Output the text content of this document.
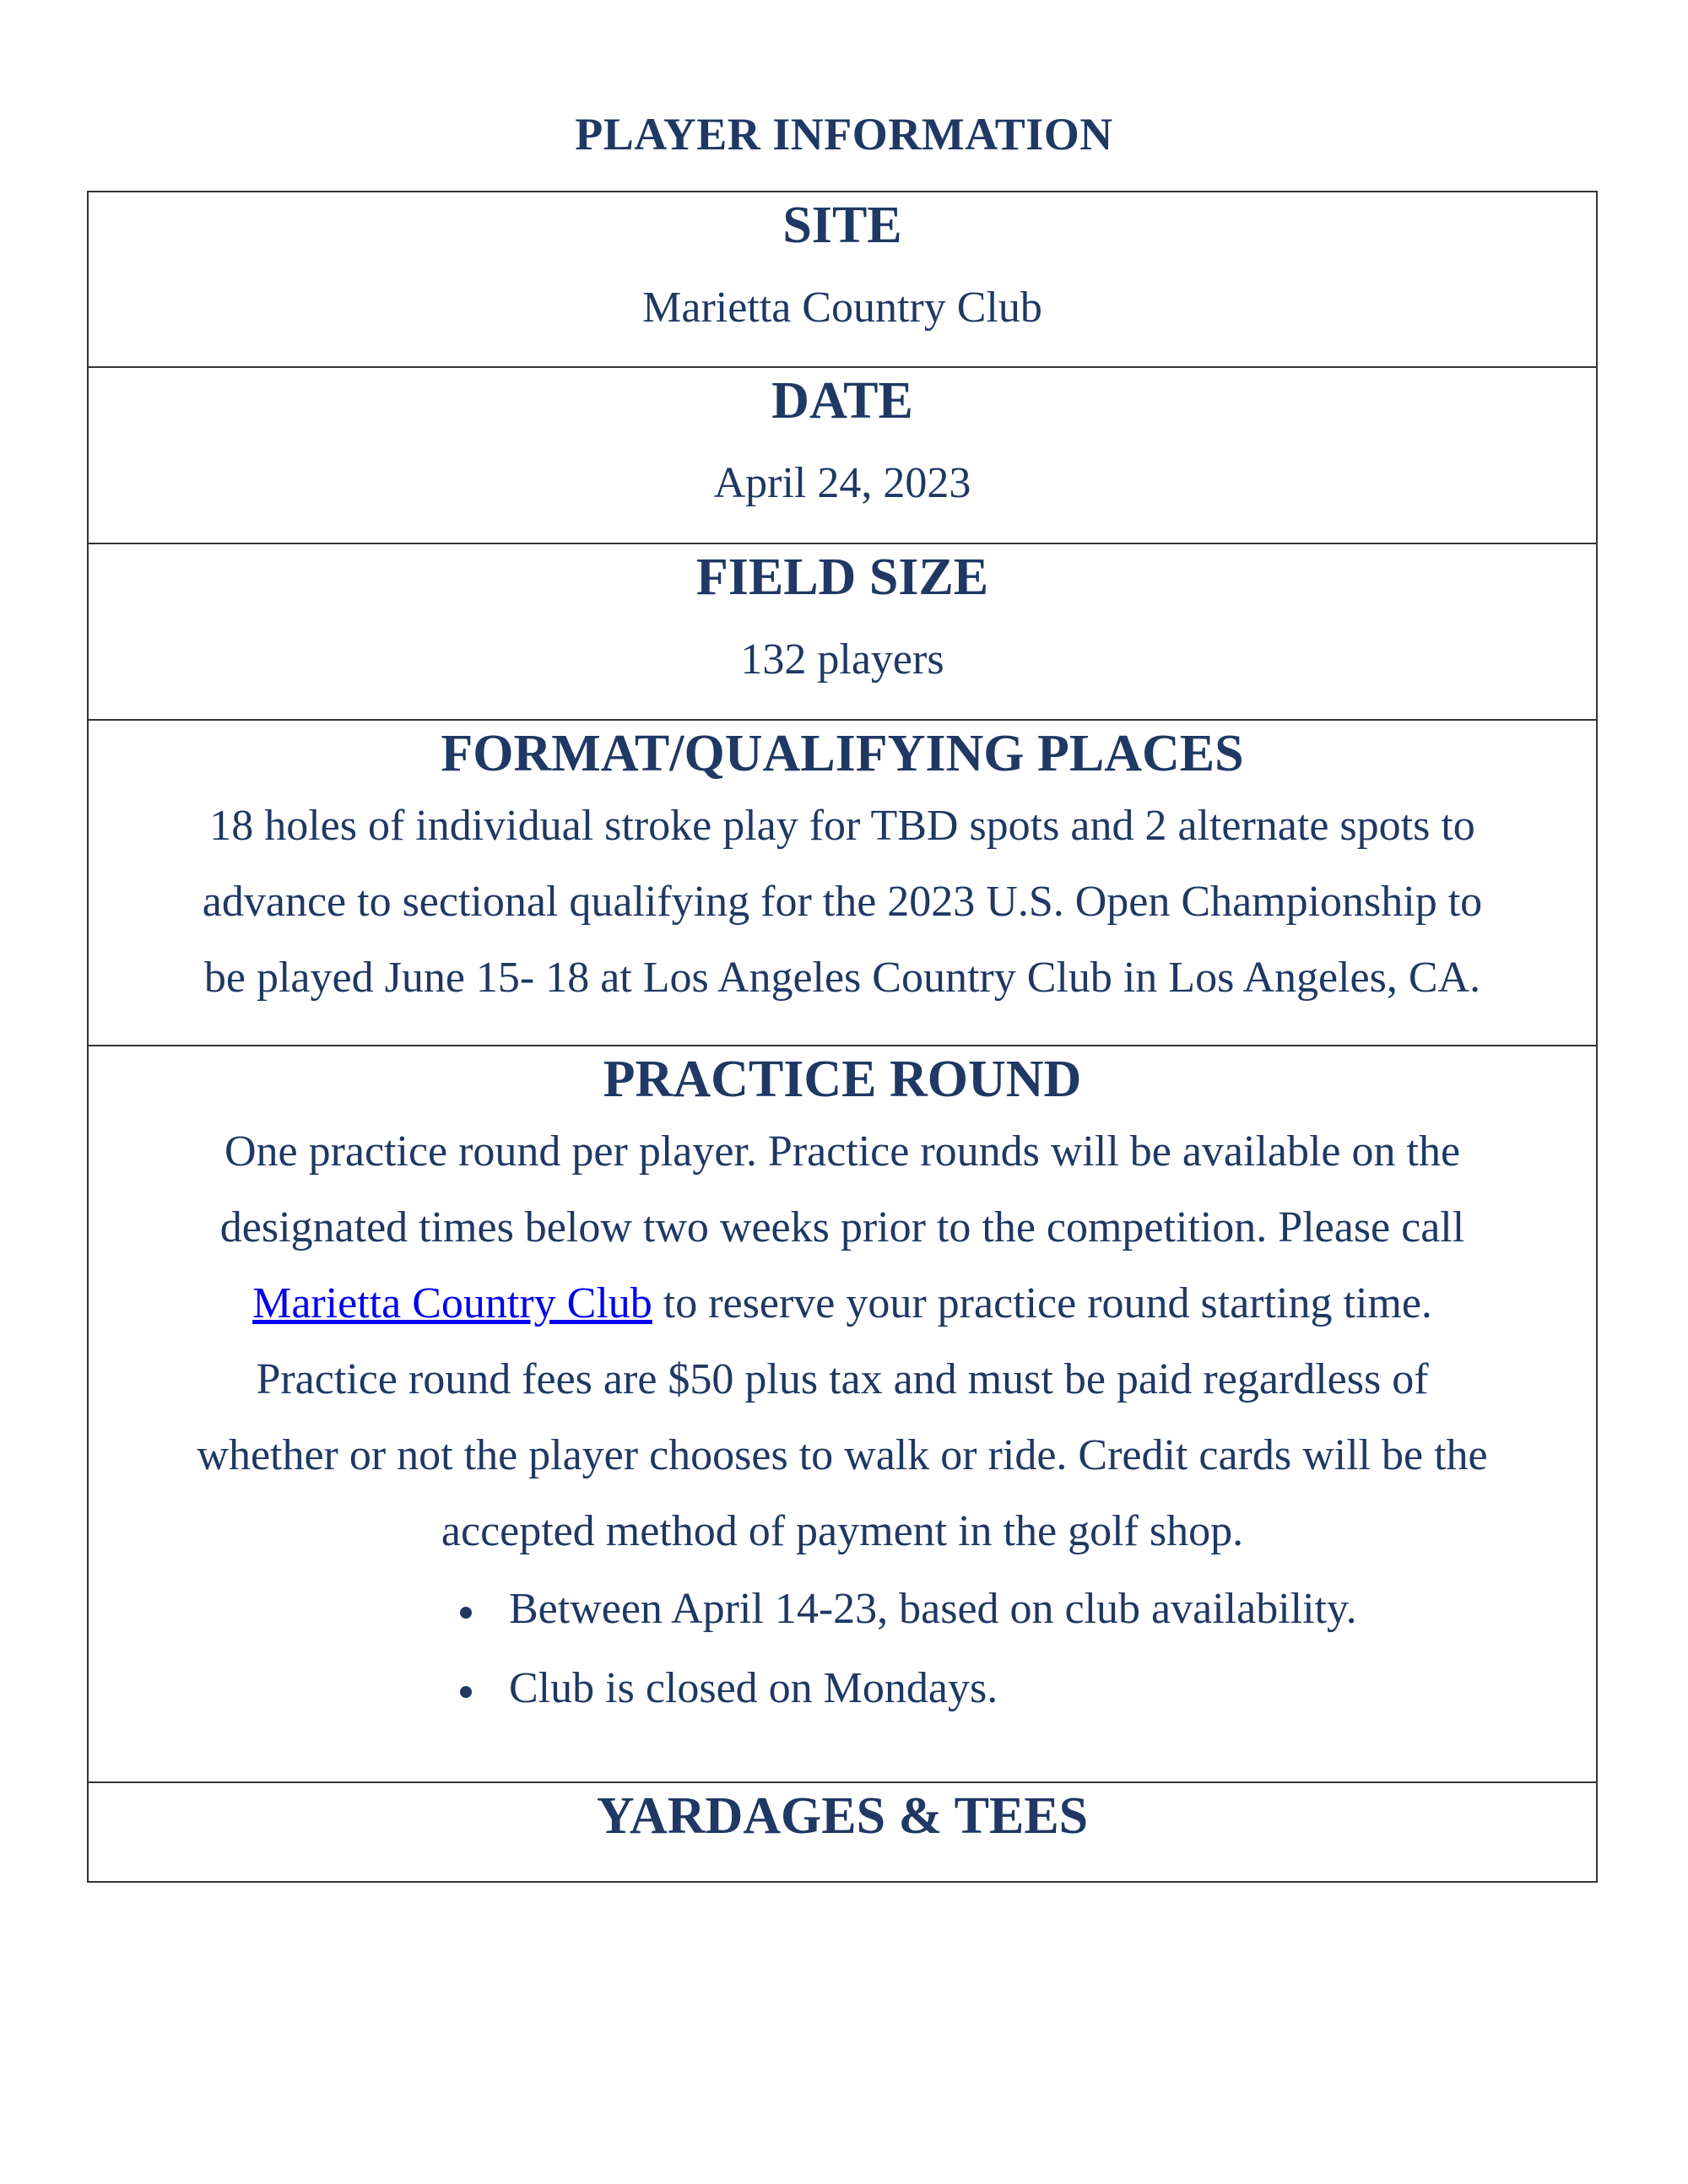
PLAYER INFORMATION
SITE
Marietta Country Club

DATE
April 24, 2023

FIELD SIZE
132 players

FORMAT/QUALIFYING PLACES
18 holes of individual stroke play for TBD spots and 2 alternate spots to
advance to sectional qualifying for the 2023 U.S. Open Championship to
be played June 15- 18 at Los Angeles Country Club in Los Angeles, CA.

PRACTICE ROUND
One practice round per player. Practice rounds will be available on the
designated times below two weeks prior to the competition. Please call
Marietta Country Club to reserve your practice round starting time.
Practice round fees are $50 plus tax and must be paid regardless of
whether or not the player chooses to walk or ride. Credit cards will be the
accepted method of payment in the golf shop.
Between April 14-23, based on club availability.
Club is closed on Mondays.

YARDAGES & TEES
